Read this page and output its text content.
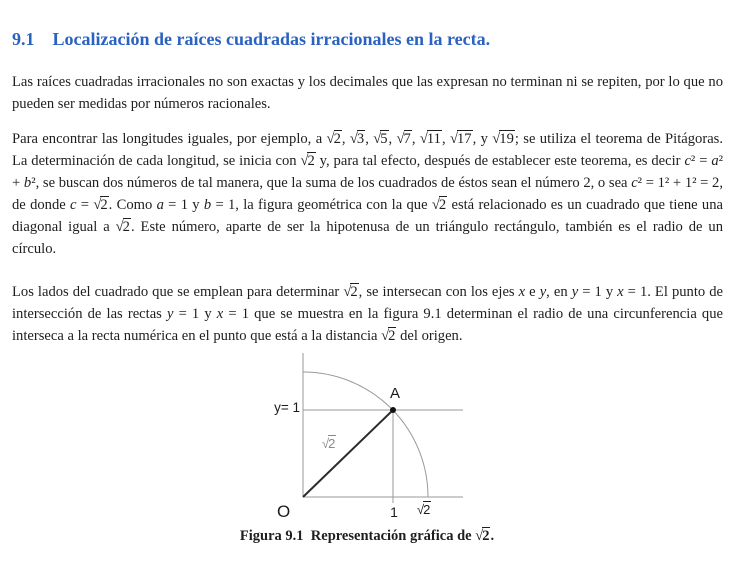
9.1 Localización de raíces cuadradas irracionales en la recta.

Las raíces cuadradas irracionales no son exactas y los decimales que las expresan no terminan ni se repiten, por lo que no pueden ser medidas por números racionales.

Para encontrar las longitudes iguales, por ejemplo, a √2, √3, √5, √7, √11, √17, y √19; se utiliza el teorema de Pitágoras. La determinación de cada longitud, se inicia con √2 y, para tal efecto, después de establecer este teorema, es decir c² = a² + b², se buscan dos números de tal manera, que la suma de los cuadrados de éstos sean el número 2, o sea c² = 1² + 1² = 2, de donde c = √2. Como a = 1 y b = 1, la figura geométrica con la que √2 está relacionado es un cuadrado que tiene una diagonal igual a √2. Este número, aparte de ser la hipotenusa de un triángulo rectángulo, también es el radio de un círculo.

Los lados del cuadrado que se emplean para determinar √2, se intersecan con los ejes x e y, en y = 1 y x = 1. El punto de intersección de las rectas y = 1 y x = 1 que se muestra en la figura 9.1 determinan el radio de una circunferencia que interseca a la recta numérica en el punto que está a la distancia √2 del origen.

y= 1
A
√2
O	1 √2
Figura 9.1  Representación gráfica de √2.
